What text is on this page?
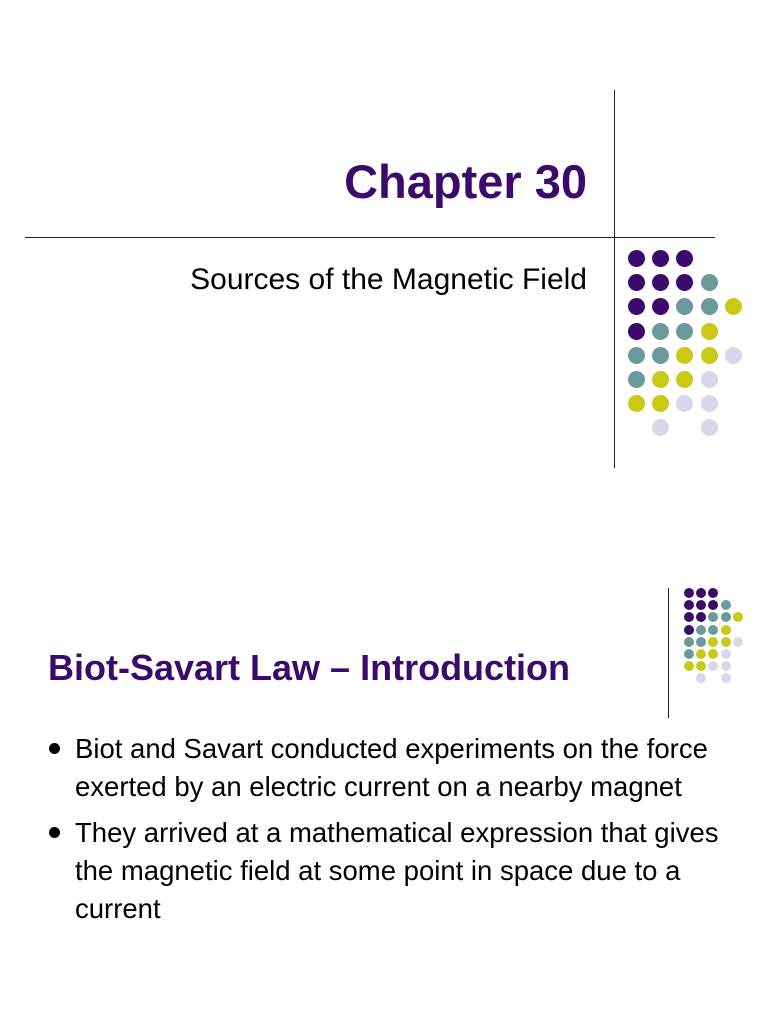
Chapter 30
Sources of the Magnetic Field
Biot-Savart Law – Introduction
Biot and Savart conducted experiments on the force exerted by an electric current on a nearby magnet
They arrived at a mathematical expression that gives the magnetic field at some point in space due to a current
